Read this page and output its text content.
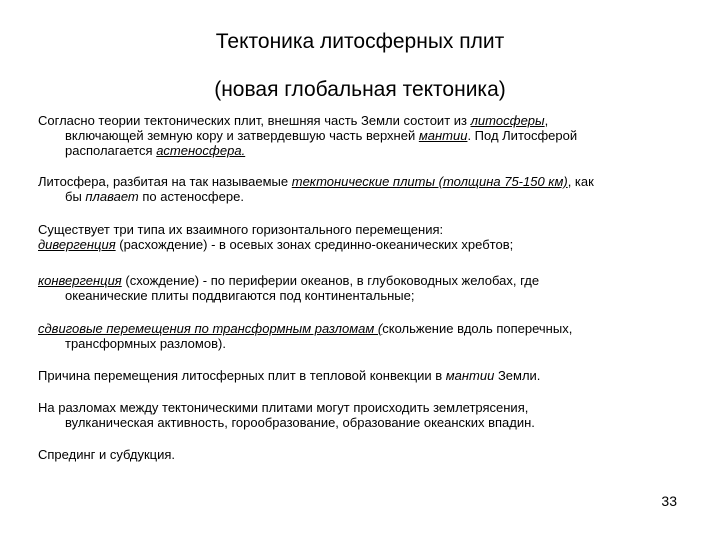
Тектоника литосферных плит
(новая глобальная тектоника)
Согласно теории тектонических плит, внешняя часть Земли состоит из литосферы,
включающей земную кору и затвердевшую часть верхней мантии. Под Литосферой
располагается астеносфера.
Литосфера, разбитая на так называемые тектонические плиты (толщина 75-150 км), как
бы плавает по астеносфере.
Существует три типа их взаимного горизонтального перемещения:
дивергенция (расхождение) - в осевых зонах срединно-океанических хребтов;
конвергенция (схождение) - по периферии океанов, в глубоководных желобах, где
океанические плиты поддвигаются под континентальные;
сдвиговые перемещения по трансформным разломам (скольжение вдоль поперечных,
трансформных разломов).
Причина перемещения литосферных плит в тепловой конвекции в мантии Земли.
На разломах между тектоническими плитами могут происходить землетрясения,
вулканическая активность, горообразование, образование океанских впадин.
Спрединг и субдукция.
33
